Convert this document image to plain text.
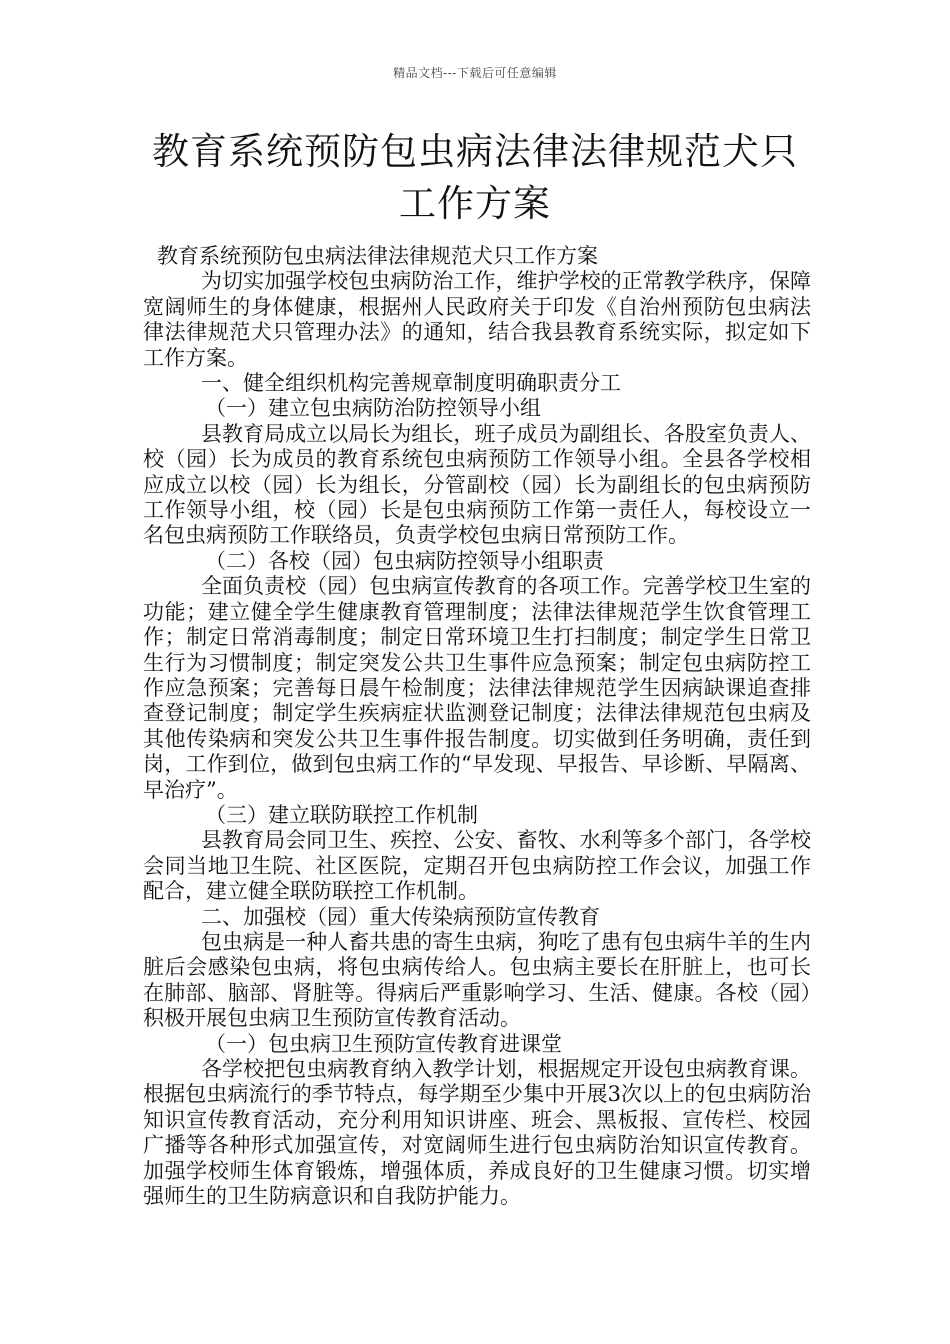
精品文档---下载后可任意编辑
教育系统预防包虫病法律法律规范犬只工作方案

教育系统预防包虫病法律法律规范犬只工作方案

为切实加强学校包虫病防治工作，维护学校的正常教学秩序，保障宽阔师生的身体健康，根据州人民政府关于印发《自治州预防包虫病法律法律规范犬只管理办法》的通知，结合我县教育系统实际，拟定如下工作方案。

一、健全组织机构完善规章制度明确职责分工

（一）建立包虫病防治防控领导小组

县教育局成立以局长为组长，班子成员为副组长、各股室负责人、校（园）长为成员的教育系统包虫病预防工作领导小组。全县各学校相应成立以校（园）长为组长，分管副校（园）长为副组长的包虫病预防工作领导小组，校（园）长是包虫病预防工作第一责任人，每校设立一名包虫病预防工作联络员，负责学校包虫病日常预防工作。

（二）各校（园）包虫病防控领导小组职责

全面负责校（园）包虫病宣传教育的各项工作。完善学校卫生室的功能；建立健全学生健康教育管理制度；法律法律规范学生饮食管理工作；制定日常消毒制度；制定日常环境卫生打扫制度；制定学生日常卫生行为习惯制度；制定突发公共卫生事件应急预案；制定包虫病防控工作应急预案；完善每日晨午检制度；法律法律规范学生因病缺课追查排查登记制度；制定学生疾病症状监测登记制度；法律法律规范包虫病及其他传染病和突发公共卫生事件报告制度。切实做到任务明确，责任到岗，工作到位，做到包虫病工作的“早发现、早报告、早诊断、早隔离、早治疗”。

（三）建立联防联控工作机制

县教育局会同卫生、疾控、公安、畜牧、水利等多个部门，各学校会同当地卫生院、社区医院，定期召开包虫病防控工作会议，加强工作配合，建立健全联防联控工作机制。

二、加强校（园）重大传染病预防宣传教育

包虫病是一种人畜共患的寄生虫病，狗吃了患有包虫病牛羊的生内脏后会感染包虫病，将包虫病传给人。包虫病主要长在肝脏上，也可长在肺部、脑部、肾脏等。得病后严重影响学习、生活、健康。各校（园）积极开展包虫病卫生预防宣传教育活动。

（一）包虫病卫生预防宣传教育进课堂

各学校把包虫病教育纳入教学计划，根据规定开设包虫病教育课。根据包虫病流行的季节特点，每学期至少集中开展3次以上的包虫病防治知识宣传教育活动，充分利用知识讲座、班会、黑板报、宣传栏、校园广播等各种形式加强宣传，对宽阔师生进行包虫病防治知识宣传教育。加强学校师生体育锻炼，增强体质，养成良好的卫生健康习惯。切实增强师生的卫生防病意识和自我防护能力。
